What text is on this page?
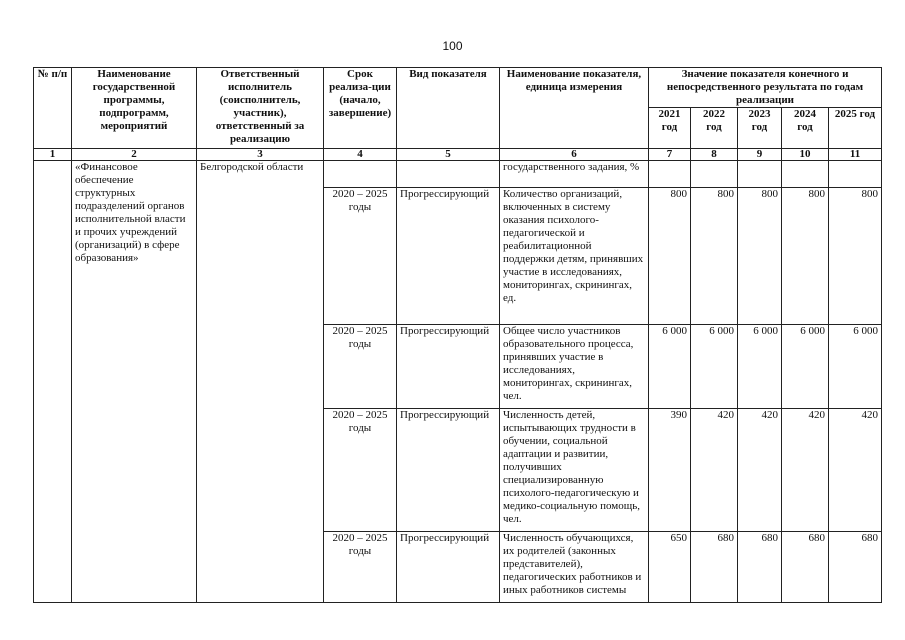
100
№ п/п	Наименование государственной программы, подпрограмм, мероприятий	Ответственный исполнитель (соисполнитель, участник), ответственный за реализацию	Срок реализа-ции (начало, завершение)	Вид показателя	Наименование показателя, единица измерения	Значение показателя конечного и непосредственного результата по годам реализации				
						2021 год	2022 год	2023 год	2024 год	2025 год
1	2	3	4	5	6	7	8	9	10	11
	«Финансовое обеспечение структурных подразделений органов исполнительной власти и прочих учреждений (организаций) в сфере образования»	Белгородской области			государственного задания, %					
			2020 – 2025 годы	Прогрессирующий	Количество организаций, включенных в систему оказания психолого-педагогической и реабилитационной поддержки детям, принявших участие в исследованиях, мониторингах, скринингах, ед.	800	800	800	800	800
			2020 – 2025 годы	Прогрессирующий	Общее число участников образовательного процесса, принявших участие в исследованиях, мониторингах, скринингах, чел.	6 000	6 000	6 000	6 000	6 000
			2020 – 2025 годы	Прогрессирующий	Численность детей, испытывающих трудности в обучении, социальной адаптации и развитии, получивших специализированную психолого-педагогическую и медико-социальную помощь, чел.	390	420	420	420	420
			2020 – 2025 годы	Прогрессирующий	Численность обучающихся, их родителей (законных представителей), педагогических работников и иных работников системы	650	680	680	680	680
